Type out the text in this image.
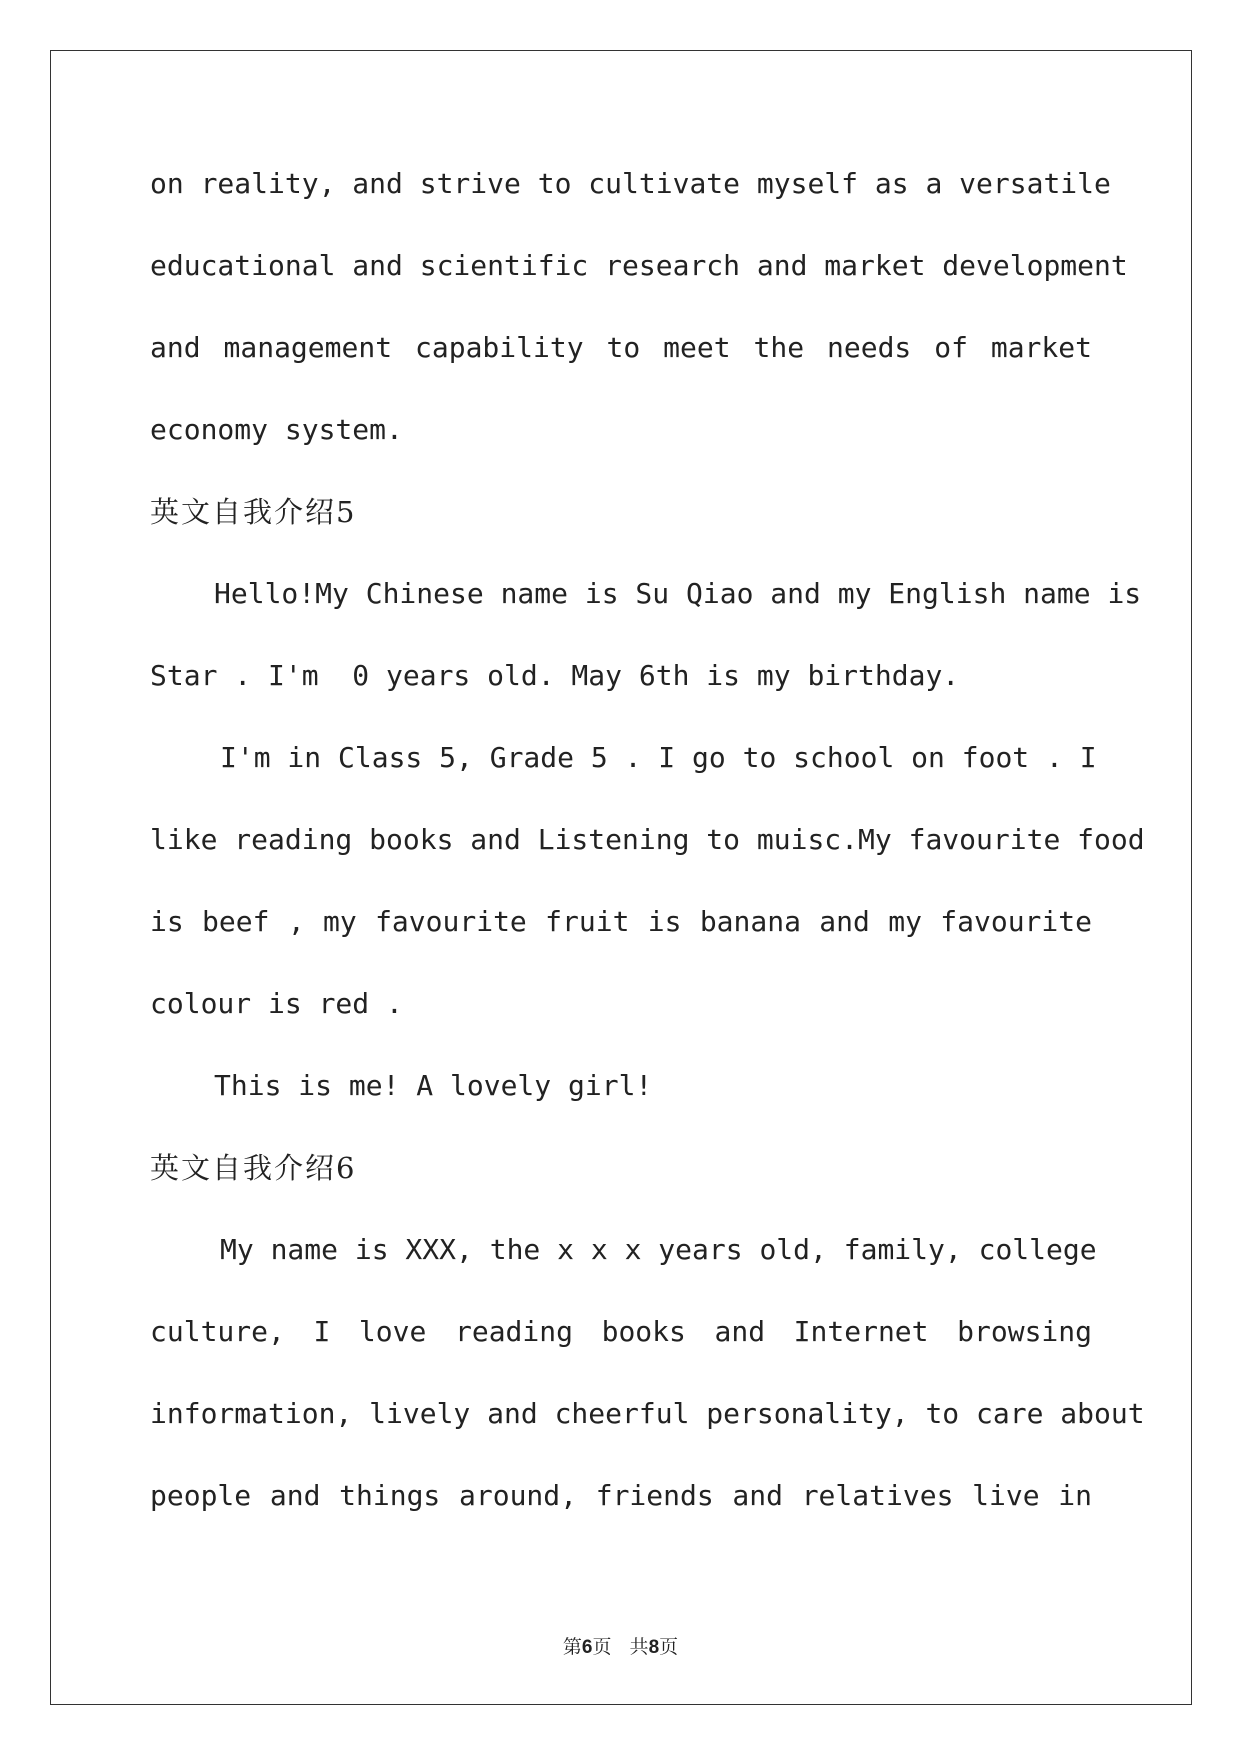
on reality, and strive to cultivate myself as a versatile
educational and scientific research and market development
and management capability to meet the needs of market
economy system.
英文自我介绍5
Hello!My Chinese name is Su Qiao and my English name is
Star . I'm  0 years old. May 6th is my birthday.
I'm in Class 5, Grade 5 . I go to school on foot . I
like reading books and Listening to muisc.My favourite food
is beef , my favourite fruit is banana and my favourite
colour is red .
This is me! A lovely girl!
英文自我介绍6
My name is XXX, the x x x years old, family, college
culture, I love reading books and Internet browsing
information, lively and cheerful personality, to care about
people and things around, friends and relatives live in
第6页   共8页
